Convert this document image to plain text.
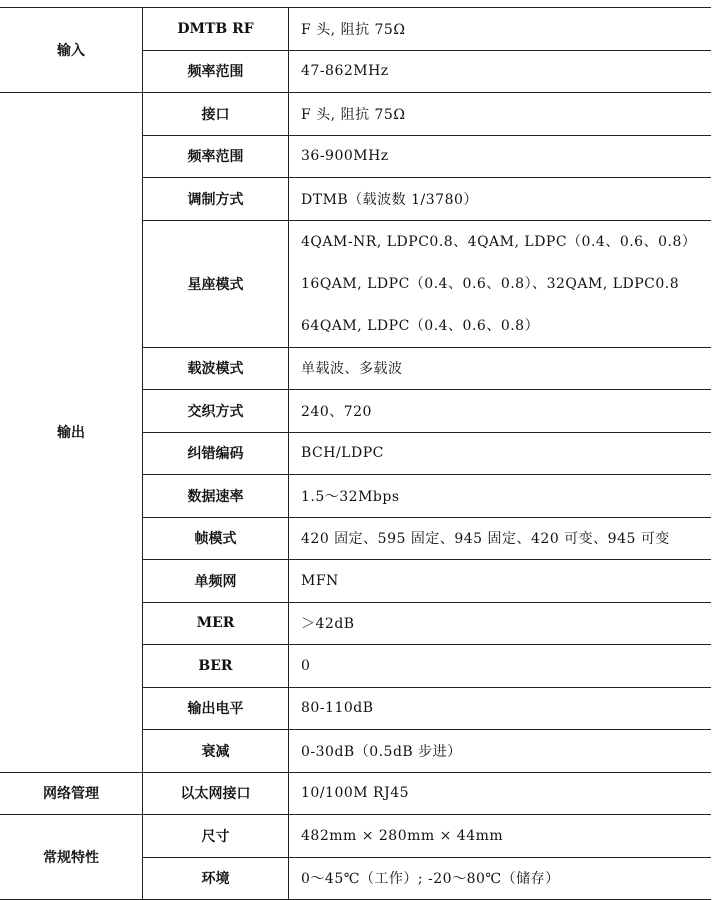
输入	DMTB RF	F 头, 阻抗 75Ω
	频率范围	47-862MHz
输出	接口	F 头, 阻抗 75Ω
	频率范围	36-900MHz
	调制方式	DTMB（载波数 1/3780）
	星座模式	4QAM-NR, LDPC0.8、4QAM, LDPC（0.4、0.6、0.8）
16QAM, LDPC（0.4、0.6、0.8）、32QAM, LDPC0.8
64QAM, LDPC（0.4、0.6、0.8）

	载波模式	单载波、多载波
	交织方式	240、720
	纠错编码	BCH/LDPC
	数据速率	1.5～32Mbps
	帧模式	420 固定、595 固定、945 固定、420 可变、945 可变
	单频网	MFN
	MER	＞42dB
	BER	0
	输出电平	80-110dB
	衰减	0-30dB（0.5dB 步进）
网络管理	以太网接口	10/100M RJ45
常规特性	尺寸	482mm × 280mm × 44mm
	环境	0～45℃（工作）; -20～80℃（储存）
